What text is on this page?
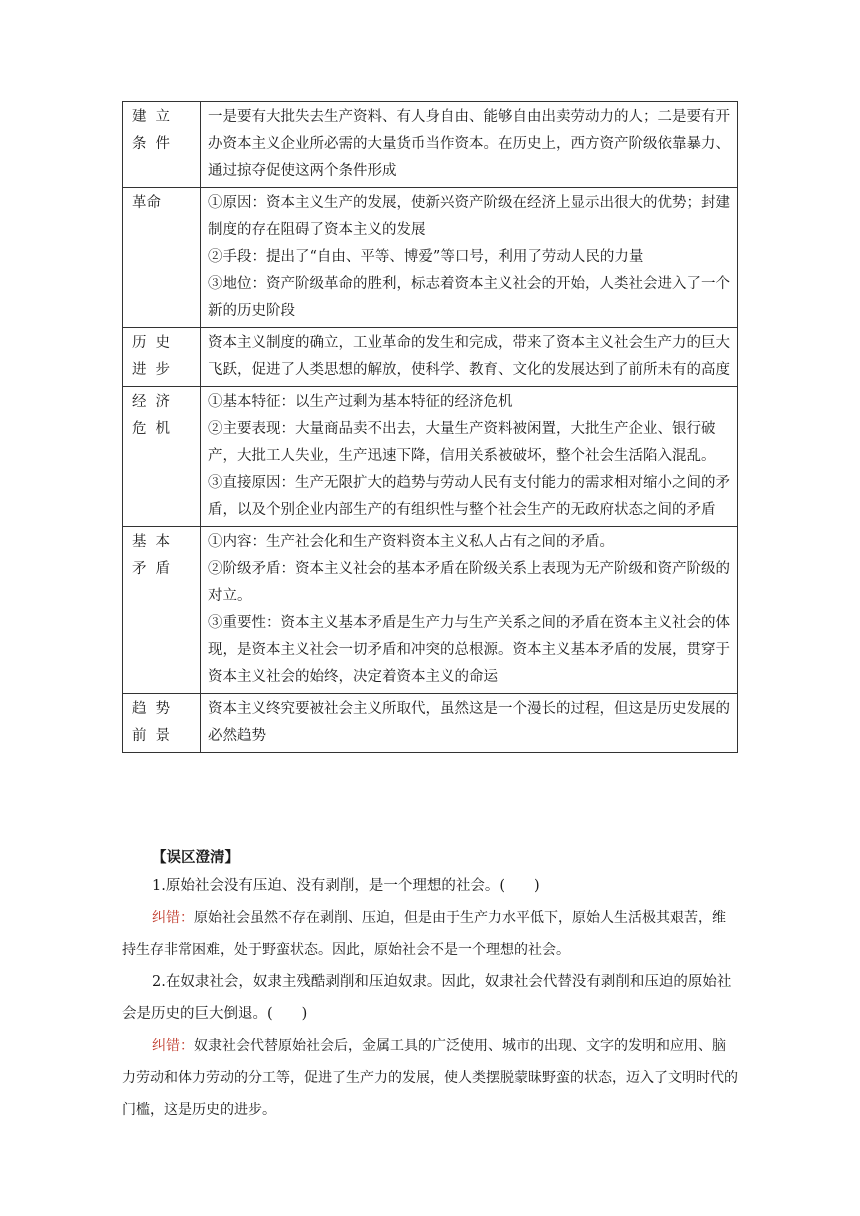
建立条件	一是要有大批失去生产资料、有人身自由、能够自由出卖劳动力的人；二是要有开办资本主义企业所必需的大量货币当作资本。在历史上，西方资产阶级依靠暴力、通过掠夺促使这两个条件形成

革命	①原因：资本主义生产的发展，使新兴资产阶级在经济上显示出很大的优势；封建制度的存在阻碍了资本主义的发展

②手段：提出了“自由、平等、博爱”等口号，利用了劳动人民的力量

③地位：资产阶级革命的胜利，标志着资本主义社会的开始，人类社会进入了一个新的历史阶段

历史进步	资本主义制度的确立，工业革命的发生和完成，带来了资本主义社会生产力的巨大飞跃，促进了人类思想的解放，使科学、教育、文化的发展达到了前所未有的高度

经济危机	①基本特征：以生产过剩为基本特征的经济危机

②主要表现：大量商品卖不出去，大量生产资料被闲置，大批生产企业、银行破产，大批工人失业，生产迅速下降，信用关系被破坏，整个社会生活陷入混乱。

③直接原因：生产无限扩大的趋势与劳动人民有支付能力的需求相对缩小之间的矛盾，以及个别企业内部生产的有组织性与整个社会生产的无政府状态之间的矛盾

基本矛盾	①内容：生产社会化和生产资料资本主义私人占有之间的矛盾。

②阶级矛盾：资本主义社会的基本矛盾在阶级关系上表现为无产阶级和资产阶级的对立。

③重要性：资本主义基本矛盾是生产力与生产关系之间的矛盾在资本主义社会的体现，是资本主义社会一切矛盾和冲突的总根源。资本主义基本矛盾的发展，贯穿于资本主义社会的始终，决定着资本主义的命运

趋势前景	资本主义终究要被社会主义所取代，虽然这是一个漫长的过程，但这是历史发展的必然趋势

【误区澄清】

1.原始社会没有压迫、没有剥削，是一个理想的社会。(　　)

纠错：原始社会虽然不存在剥削、压迫，但是由于生产力水平低下，原始人生活极其艰苦，维持生存非常困难，处于野蛮状态。因此，原始社会不是一个理想的社会。

2.在奴隶社会，奴隶主残酷剥削和压迫奴隶。因此，奴隶社会代替没有剥削和压迫的原始社会是历史的巨大倒退。(　　)

纠错：奴隶社会代替原始社会后，金属工具的广泛使用、城市的出现、文字的发明和应用、脑力劳动和体力劳动的分工等，促进了生产力的发展，使人类摆脱蒙昧野蛮的状态，迈入了文明时代的门槛，这是历史的进步。
